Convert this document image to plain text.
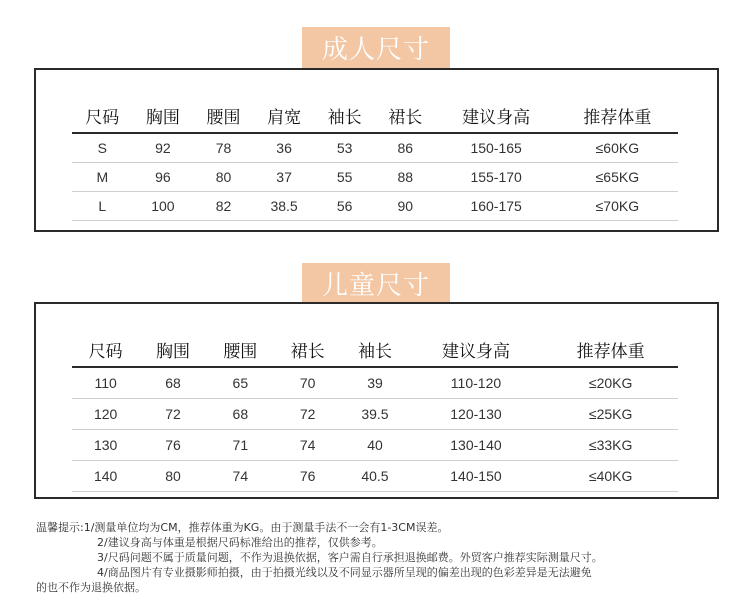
成人尺寸
尺码	胸围	腰围	肩宽	袖长	裙长	建议身高	推荐体重
S	92	78	36	53	86	150-165	≤60KG
M	96	80	37	55	88	155-170	≤65KG
L	100	82	38.5	56	90	160-175	≤70KG
儿童尺寸
尺码	胸围	腰围	裙长	袖长	建议身高	推荐体重
110	68	65	70	39	110-120	≤20KG
120	72	68	72	39.5	120-130	≤25KG
130	76	71	74	40	130-140	≤33KG
140	80	74	76	40.5	140-150	≤40KG
温馨提示:1/测量单位均为CM，推荐体重为KG。由于测量手法不一会有1-3CM误差。
2/建议身高与体重是根据尺码标准给出的推荐，仅供参考。
3/尺码问题不属于质量问题，不作为退换依据，客户需自行承担退换邮费。外贸客户推荐实际测量尺寸。
4/商品图片有专业摄影师拍摄，由于拍摄光线以及不同显示器所呈现的偏差出现的色彩差异是无法避免
的也不作为退换依据。
